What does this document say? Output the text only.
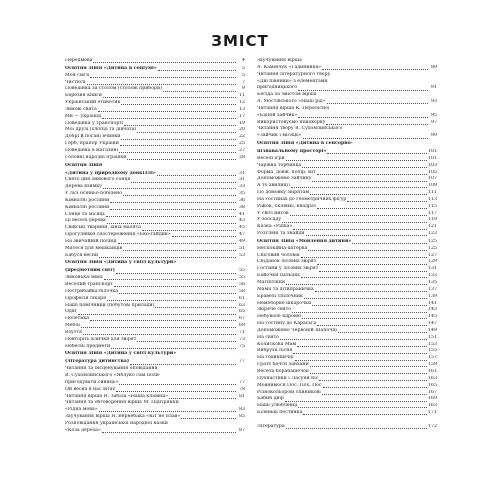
ЗМІСТ
Передмова	4
Освітня лінія «Дитина в соціумі»	5
Моя сім'я	5
Чистюлі	7
Поведінка за столом (столові прибори)	9
Березня книги	11
Український етикетик	12
Зимові свята	13
Ми — українці	17
Поведінка у транспорті	19
Мої друзі (хлопці та дівчата)	20
Добрі й погані вчинки	22
Герб, прапор України	25
Поведінка в магазині	27
Головні народні іграшки	28
Освітня лінія
«Дитина у природному довкіллі»	31
Свято дня зимового сонця	31
Дерева взимку	33
У лісі осінньо-побілено	35
Кімнатні рослини	36
Кімнатні рослини	38
Сонце та місяць	41
Ці веселі дерева	43
Свійські тварини, їхніх малята	45
Прогулянки спостереження «Еко-гайдик»	47
На звичайній полиці	49
Матеся для мешканців	51
Бабуся весни	53
Освітня лінія «Дитина у світі культури»
(предметний світ)	55
Зимонька-зима	55
Веселий транспорт	56
Пострибайка білочка	58
Професія лікаря	61
Наші помічники (побутові прилади)	63
Одяг	65
Полетика	67
Меблі	69
Взуття	71
Повторіть клички для звірят	73
Небесні предмети	75
Освітня лінія «Дитина у світі культури»
(література дитинства)	77
Читання та інсценування оповідання
В. Сухомлинського «Яблуко сам поли-
пригодувати синиць»	77
Ой весна в нас вітає	78
Читання вірша Н. Забіла «Наша клавиш»	81
Читання та обговорення вірша М. Підгірянки
«Рідна мова»	83
Заучування вірша Н. Вернебака «Кіт не плав»	85
Розповідання української народної казки
«Коза дереза»	87
Заучування вірша
А. Камінчук «Гадининка»	89
Читання літературного твору
«Дві півники» з елементами
пригодницького	91
Бесіда за змістом вірша
А. Мостівського «Наші рід»	93
Читання вірша К. Перелісної
«Бідній зайчик»	95
Використовуємо пішохорку	97
Читання твору В. Сухомлинського
«Зайчик і місяць»	99
Освітня лінія «Дитина в сенсорно-
пізнавальному просторі»	101
Веселі ігри	101
Чарівна торбинка	103
Форма, довж, колір, міт	105
Допоможемо зайчику	107
А то хвилиці?	109
По домовку звірятам	111
На гостинах до геометричних фігур	113
Ріжок, склянкі, квадрат	115
У світі ниток	117
У зоосаду	119
Казка «Ріпка»	121
Розгляні та знайди	123
Освітня лінія «Мовлення дитини»	125
Неспокійна-шітерка	125
Сніговий чоловік	127
Сніданок лісових звірят	129
Гостини у лісових звірят	131
Байочки пальцях	133
Магнітікни	135
Мамії та дітипраничка	137
Бравелі спілочник	139
Немоборке шкарочки	141
Звіряче свято	143
Небувале ядроню	145
На гостину до Карасьга	147
Допоможемо Червоній Шапочці	149
На свято	151
Колискова Мам	153
Вибруха пісня	155
На годинничці	157
Гратє бачсн занхани	159
Весела борабашечок	161
Пухнастики і Ласуни ніс	163
Мовнимося Пос. Пох. Пос	165
Різнокольорові спиникові	167
Бабин двір	169
Наші улюбленці	163
Біленькі пестинка	171
Література	172
